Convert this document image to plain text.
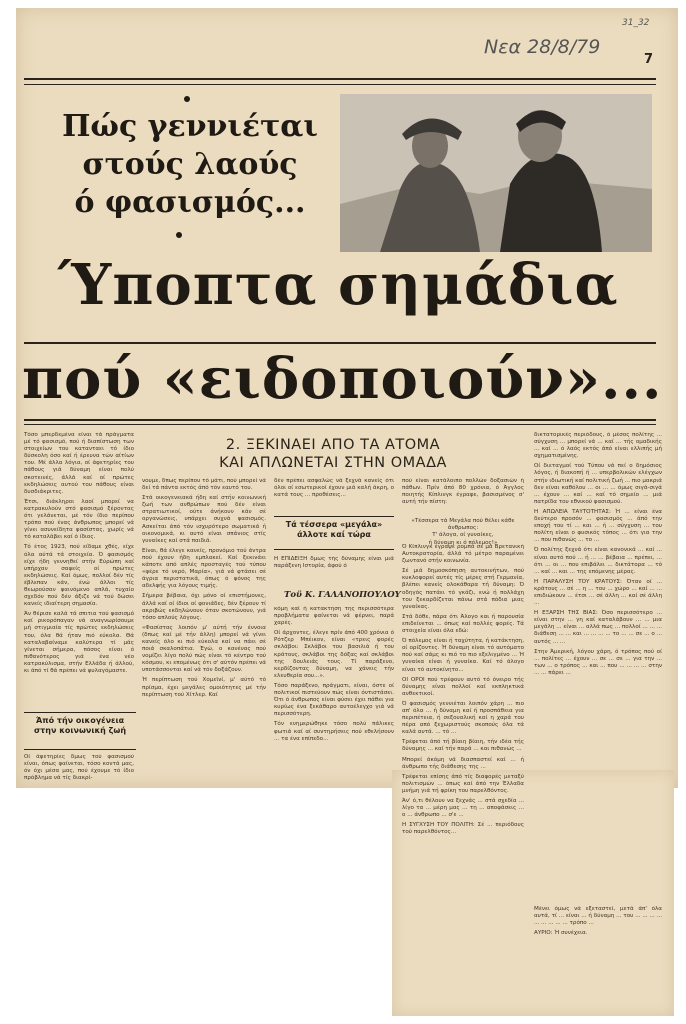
Νεα 28/8/79
31_32
7
Πώς γεννιέται
στούς λαούς
ό φασισμός...
Ύποπτα σημάδια
πού «ειδοποιούν»...
2. ΞΕΚΙΝΑΕΙ ΑΠΟ ΤΑ ΑΤΟΜΑ
ΚΑΙ ΑΠΛΩΝΕΤΑΙ ΣΤΗΝ ΟΜΑΔΑ

Τόσο μπερδεμένα είναι τά πράγματα μέ τό φασισμό, πού ή διαπίστωση των στοιχείων του κατανταει τό ίδιο δύσκολη όσο καί ή έρευνα τών αίτίων του. Μέ άλλα λόγια, οί άφετηρίες του πάθους γιά δύναμη είναι πολύ σκοτεινές, άλλά καί οί πρώτες εκδηλώσεις αυτού του πάθους είναι δυσδιάκριτες.

Έτσι, διάκληροι λαοί μπορεί να κατρακυλούν στό φασισμό ξέροντας ότι γελάνεται, μέ τόν ίδιο περίπου τρόπο πού ένας άνθρωπος μπορεί νά γίνει ασυνείδητα φασίστας, χωρίς νά τό καταλάβει καί ό ίδιος.

Τό έτος 1923, πού είδαμε χθές, είχε όλα αύτά τά στοιχεία. Ό φασισμός είχε ήδη γεννηθεί στήν Εύρώπη καί υπήρχαν σαφείς οί πρώτες εκδηλώσεις. Καί όμως, πολλοί δέν τίς έβλεπαν κάν, ένώ άλλοι τίς θεωρούσαν φαινόμενο απλά, τυχαίο σχεδόν πού δέν άξιζε νά τού δώσει κανείς ιδιαίτερη σημασία.

Άν θέρισε καλά τά σπιτια τού φασισμό καί ρικορόπαγαν νά αναγνωρίσουμε μή στιγμιαία τίς πρώτες εκδηλώσεις του, όλα θά ήταν πιό εύκολα. Θά καταλαβαίναμε καλύτερα τί μάς γίνεται σήμερα, πόσος είναι ό πιθανότερος γιά ένα νέο κατρακύλισμα, στήν Ελλάδα ή άλλού, κι άπό τί θά πρέπει νά φυλαγόμαστε.

Άπό τήν οικογένεια
στην κοινωνική ζωή

Οί άφετηρίες δμως τού φασισμού είναι, όπως φαίνεται, τόσο κοντά μας, όν όχι μέσα μας, πού έχουμε τό ίδιο πρόβλημα νά τίς διακρί-

νουμε, δπως περίπου τό μάτι, πού μπορεί νά δεί τά πάντα εκτός άπό τόν εαυτό του.

Στά οικογενειακά ήδη καί στήν κοινωνική ζωή των ανθρώπων πού δέν είναι στρατιωτικοί, ούτε άνήκουν κάν σέ οργανώσεις, υπάρχει συχνά φασισμός. Ασκείται άπό τόν ισχυρότερο σωματικά ή οικονομικά, κι αυτό είναι σπάνιος στίς γυναίκες καί στά παιδιά.

Είναι, θά έλεγε κανείς, προνόμιο τού άντρα πού έχουν ήδη εμπλακεί. Καί ξεκινάει κάποτε από απλές προσταγές τού τύπου «φέρε τό νερό, Μαρία», γιά νά φτάσει σέ άγρια περιστατικά, όπως ό φόνος της αδελφής για λόγους τιμής.

Σήμερα βέβαια, όχι μόνο οί επιστήμονες, άλλά καί οί ίδιοι οί φονιάδες, δέν ξέρουν τί ακριβώς εκδηλώνουν όταν σκοτώνουν, γιά τόσο απλούς λόγους.

«Φασίστας λοιπόν μ' αύτή τήν έννοια (δπως καί μέ τήν άλλη) μπορεί νά γίνει κανείς όλο κι πιό εύκολα καί να πάει σέ ποιά σκαλοπάτια. Έγώ, ο κανένας πού νομίζει λίγο πολύ πώς είναι τό κέντρο τού κόσμου, κι επομένως ότι σ' αύτόν πρέπει νά υποτάσσονται καί νά τόν δοξάζουν.

Ή περίπτωση τού Χομεϊνί, μ' αύτό τό πρίσμα, έχει μεγάλες ομοιότητες μέ τήν περίπτωση τού Χίτλερ. Καί

δέν πρέπει ασφαλώς νά ξεχνά κανείς ότι όλοι οί εσωτερικοί έχουν μιά καλή άκρη, ο κατά τους ... προθέσεις...

Τά τέσσερα «μεγάλα»
άλλοτε καί τώρα

Η ΕΠΙΔΕΙΞΗ δμως τής δύναμης είναι μιά παράξενη Ιστορία, άφού ό

Τοϋ Κ. ΓΑΛΑΝΟΠΟΥΛΟΥ

κόμη καί ή κατακτηση της περισσότερα προβλήματα φαίνεται νά φέρνει, παρά χαρές.

Οί άρχοντες, έλεγε πρίν άπό 400 χρόνια ό Ρότζερ Μπέικον, είναι «τρεις φορές σκλάβοι: Σκλάβοι του βασιλιά ή του κράτους, σκλάβοι της δόξας καί σκλάβοι της δουλειάς τους. Τί παράξενο, κερδίζοντας δύναμη, να χάνεις τήν ελευθερία σου...».

Τόσο παράξενο, πράγματι, είναι, όστε οί πολιτικοί πιστεύουν πώς είναι όντιστάσει. Ότι ό άνθρωπος είναι φύσει έχει πάθει για κυρίως ένα ξεκάθαρο αυτοέλεγχο γιά νά περισσότερη.

Τόν ενημερώθηκε τόσο πολύ πάλικες φωτιά καί αί συντηρήσεις πού εθελήσουν ... τα ένα επίπεδο...

πού είναι κατάλοιπο πολλών δοξασιών ή πάθων. Πρίν άπό 80 χρόνια, ό Άγγλος ποιητής Κίπλινγκ έγραφε, βασισμένος σ' αυτή τήν πίστη:

«Τέσσερα τά Μεγάλα πού θέλει κάθε άνθρωπος:
Τ' άλογα, οί γυναίκες,
ή δύναμη κι ό πόλεμος!»

Ό Κίπλινγκ έγραψε ρομπά σε μά Βρετανική Αυτοκρατορία, άλλά τό μέτρο παραμένει ζωντανό στήν κοινωνία.

Σέ μιά δημοσκόπηση αυτοκινήτων, πού κυκλοφορεί αυτές τίς μέρες στή Γερμανία, βλέπει κανείς ολοκάθαρα τή δύναμη: Ό οδηγός πατάει τό γκάζι, ενώ ή πολλάχη του ξεκαρδίζεται πάνω στά πόδια μιας γυναίκας.

Στά δόθε, πάρα ότι Άλογο και ή παρουσία επιδείνεται ... όπως καί πολλές φορές. Τά στοιχεία είναι όλα εδώ:

Ό πόλεμος είναι ή ταχύτητα, ή κατάκτηση, οί ορίζοντες. Ή δύναμη είναι τό αυτόματο πού καί σάμς κι πιό το πιο εξελιγμένο ... Ή γυναίκα είναι ή γυναίκα. Καί τό άλογο είναι τό αυτοκίνητο...

ΟΙ ΟΡΟΙ πού τρέφουν αυτό τό όνειρο τής δύναμης είναι πολλοί καί εκπληκτικά ανθεκτικοί.

Ό φασισμός γεννιέται λοιπόν χάρη ... πιο απ' όλα ... ή δύναμη καί ή προσπάθεια για περιπέτεια, ή σεξουαλική καί η χαρά του πέρα από ξεχωριστούς σκοπούς όλα τά καλά αυτά. ... τό ...

Τρέφεται άπό τή βίαιη βίαιη, τήν ιδέα τής δύναμης ... καί τήν παρά ... και πιθανώς ...

Μπορεί άκόμη νά διασπαστεί καί ... ή άνθρωπο τής διάθεσης της ...

Τρέφεται επίσης άπό τίς διαφορές μεταξύ πολιτισμών ... όπως καί άπό την Έλλαδα μνήμη γιά τή φρίκη του παρελθόντος.

Άν' ό,τι θέλουν να ξεχνάς ... στά σχεδία ... λίγο τα ... μέρη μας ... τη ... αποφάσεις ... ο ... άνθρωπο ... σ'ε ...

Η ΣΥΓΧΥΣΗ ΤΟΥ ΠΟΛΙΤΗ: Σέ ... περιόδους τού παρελθόντος...

δικτατορικές περιόδους, ό μέσος πολίτης ... σύγχυση ... μπορεί νά ... καί ... τής ομαδικής ... καί ... ό λαός εκτός άπό είναι ελλιπής μή σχηματισμένης.

Οί διεταγμοί τού Τύπου νά πεί ο δημόσιος λόγος, ή διακοπή ή ... υπερβολικών ελέγχων στήν ιδιωτική καί πολιτική ζωή ... πιο μακριά δεν είναι καθόλου ... οι ... ... όμως σιγά-σιγά ... έχουν ... καί ... καί τό σημείο ... μιά πατρίδα του εθνικού φασισμού.

Η ΑΠΩΛΕΙΑ ΤΑΥΤΟΤΗΤΑΣ: Ή ... είναι ένα δεύτερο προσόν ... φασισμός ... άπό την εποχή του τί ... και ... ή ... σύγχυση ... του πολίτη είναι ο φυσικός τόπος ... ότι για την ... που πιθανώς ... το ...

Ό πολίτης ξεχνά ότι είναι κανονικά ... καί ... είναι αυτό πού ... ή ... ... βέβαια ... πρέπει, ... ότι ... οι ... που επιβάλει ... δικτάτορα ... τό ... καί ... και ... της επόμενης μέρας.

Η ΠΑΡΑΛΥΣΗ ΤΟΥ ΚΡΑΤΟΥΣ: Όταν οί ... κράτους ... σέ ... η ... του ... χώρο ... καί ... ... επιδιώκουν ... έτσι ... σέ άλλη ... καί σέ άλλη ...

Η ΕΞΑΡΣΗ ΤΗΣ ΒΙΑΣ: Όσο περισσότερο ... είναι στην ... γη καί καταλάβουν ... ... μια μεγάλη ... είναι ... αλλά πως ... πολλοί ... ... ... διάθεση ... ... και ... ... ... ... το ... ... σε ... ο ... αυτός ... ...

Στην Άμερική, λόγου χάρη, ό τρόπος πού οί ... πολίτες ... έχουν ... σε ... σε ... για την ... των ... ο τρόπος ... και ... που ... ... ... ... στην ... ... πάρει ...

Μένει όμως νά εξεταστεί, μετά άπ' όλα αυτά, τί ... είναι ... ή δύναμη ... του ... ... ... ... ... ... ... ... ... τρόπο ...

ΑΥΡΙΟ: Ή συνέχεια.
